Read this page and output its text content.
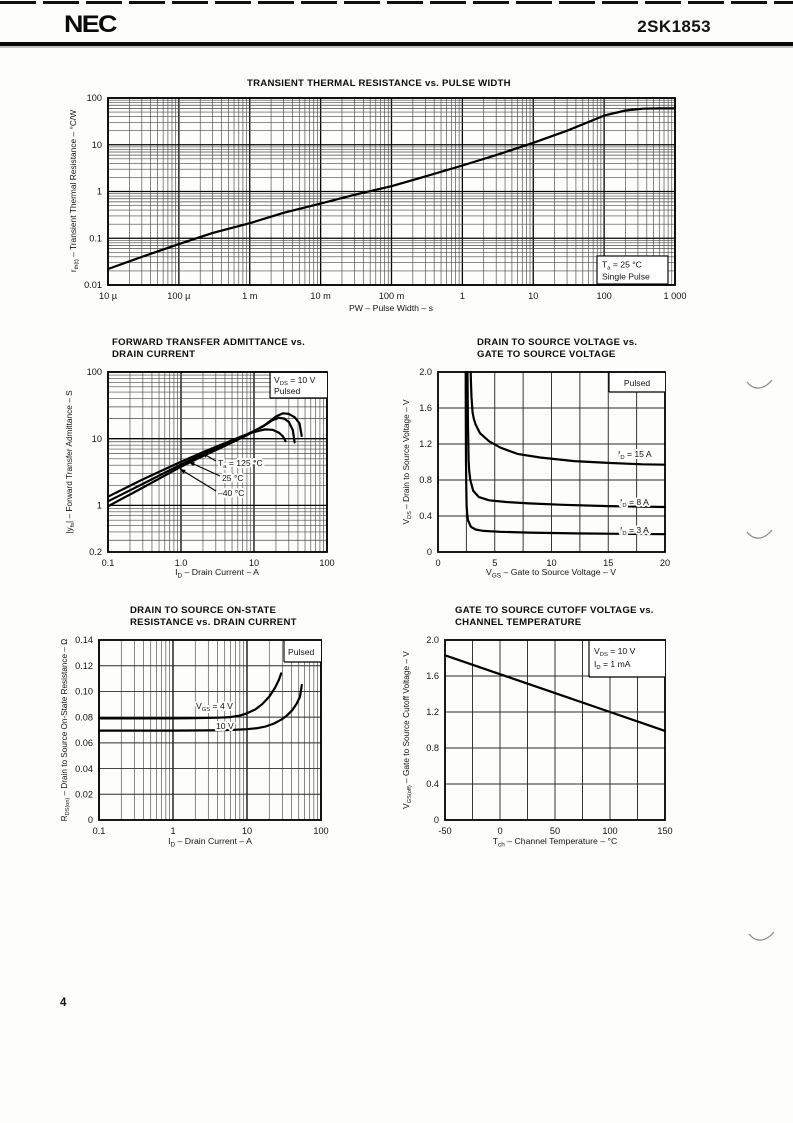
NEC	2SK1853
10 µ	100 µ	1 m	10 m	100 m	1	10	100	1 000
100
10
1
0.1
0.01
$T_a = 25$ °C
Single Pulse
$r_{th(t)}$ – Transient Thermal Resistance – °C/W
0.1	1.0	10	100
100
10
1
0.2
$V_{DS} = 10$ V
Pulsed
$T_a = 125$ °C
25 °C
–40 °C
$|y_{fs}|$ – Forward Transfer Admittance – S
0	5	10	15	20
2.0
1.6
1.2
0.8
0.4
0
Pulsed
$I_D = 15$ A
$I_D = 8$ A
$I_D = 3$ A
$V_{DS}$ – Drain to Source Voltage – V
0.1	1	10	100
0.14
0.12
0.10
0.08
0.06
0.04
0.02
0
Pulsed
$V_{GS} = 4$ V
10 V
$R_{DS(on)}$ – Drain to Source On-State Resistance – Ω
-50	0	50	100	150
2.0
1.6
1.2
0.8
0.4
0
$V_{DS} = 10$ V
$I_D = 1$ mA
$V_{GS(off)}$ – Gate to Source Cutoff Voltage – V
TRANSIENT THERMAL RESISTANCE vs. PULSE WIDTH
FORWARD TRANSFER ADMITTANCE vs.
DRAIN CURRENT
DRAIN TO SOURCE VOLTAGE vs.
GATE TO SOURCE VOLTAGE
DRAIN TO SOURCE ON-STATE
RESISTANCE vs. DRAIN CURRENT
GATE TO SOURCE CUTOFF VOLTAGE vs.
CHANNEL TEMPERATURE
PW – Pulse Width – s
$I_D$ – Drain Current – A	$V_{GS}$ – Gate to Source Voltage – V
$I_D$ – Drain Current – A	$T_{ch}$ – Channel Temperature – °C
4
